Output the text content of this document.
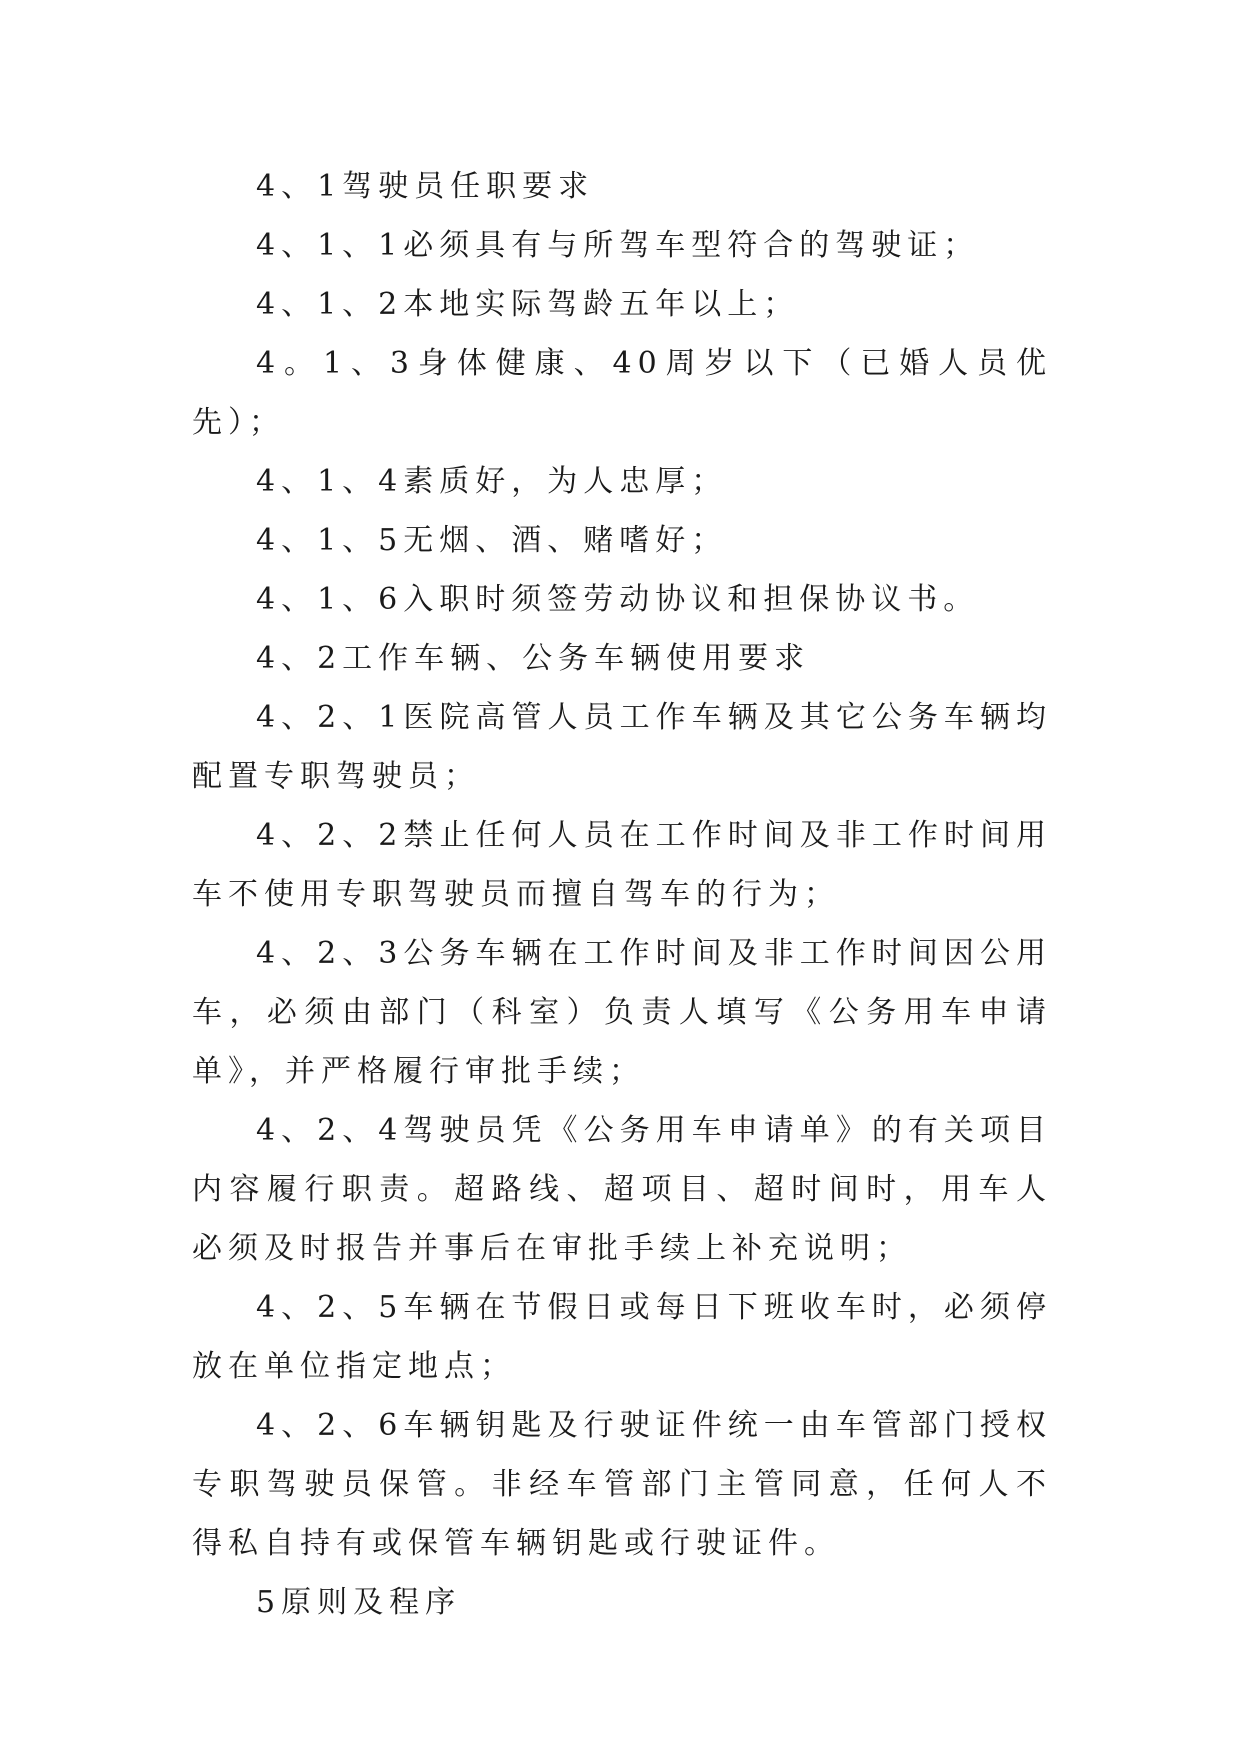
4、1驾驶员任职要求

4、1、1必须具有与所驾车型符合的驾驶证；

4、1、2本地实际驾龄五年以上；

4。1、3身体健康、40周岁以下（已婚人员优先）；

4、1、4素质好，为人忠厚；

4、1、5无烟、酒、赌嗜好；

4、1、6入职时须签劳动协议和担保协议书。

4、2工作车辆、公务车辆使用要求

4、2、1医院高管人员工作车辆及其它公务车辆均配置专职驾驶员；

4、2、2禁止任何人员在工作时间及非工作时间用车不使用专职驾驶员而擅自驾车的行为；

4、2、3公务车辆在工作时间及非工作时间因公用车，必须由部门（科室）负责人填写《公务用车申请单》，并严格履行审批手续；

4、2、4驾驶员凭《公务用车申请单》的有关项目内容履行职责。超路线、超项目、超时间时，用车人必须及时报告并事后在审批手续上补充说明；

4、2、5车辆在节假日或每日下班收车时，必须停放在单位指定地点；

4、2、6车辆钥匙及行驶证件统一由车管部门授权专职驾驶员保管。非经车管部门主管同意，任何人不得私自持有或保管车辆钥匙或行驶证件。

5原则及程序
